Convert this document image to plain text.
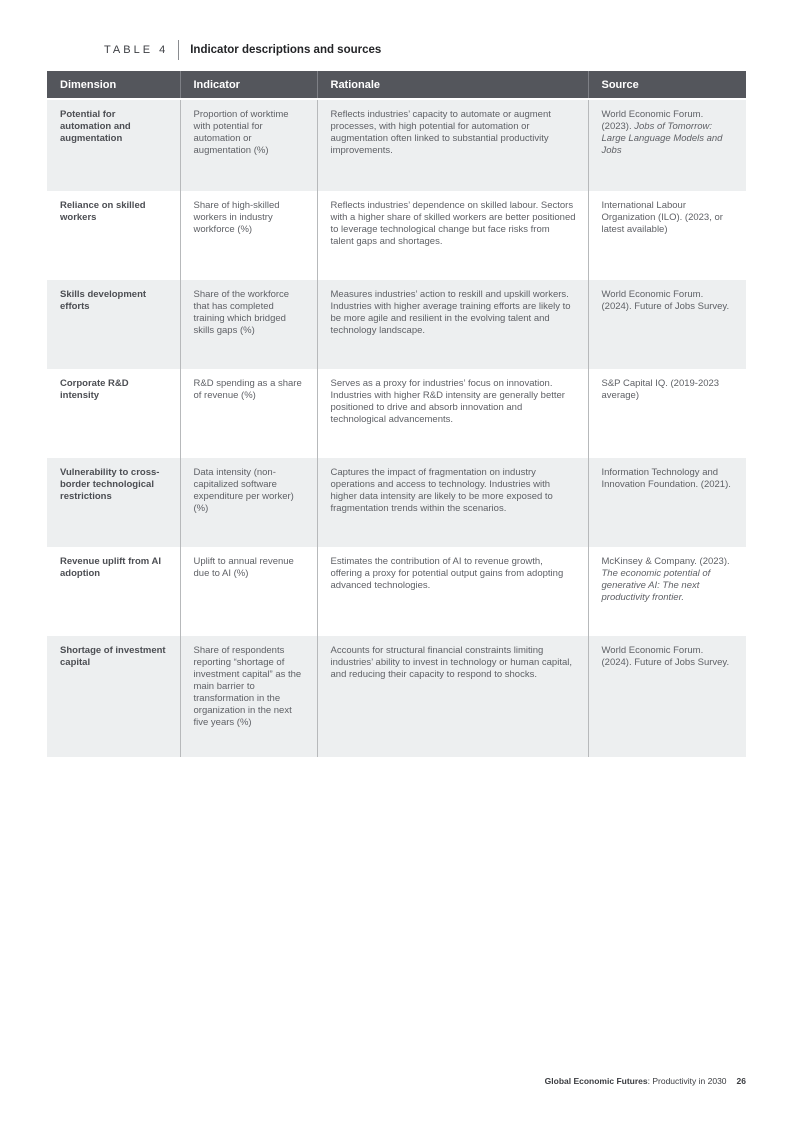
TABLE 4 Indicator descriptions and sources
Dimension	Indicator	Rationale	Source
Potential for automation and augmentation	Proportion of worktime with potential for automation or augmentation (%)	Reflects industries’ capacity to automate or augment processes, with high potential for automation or augmentation often linked to substantial productivity improvements.	World Economic Forum. (2023). Jobs of Tomorrow: Large Language Models and Jobs
Reliance on skilled workers	Share of high-skilled workers in industry workforce (%)	Reflects industries’ dependence on skilled labour. Sectors with a higher share of skilled workers are better positioned to leverage technological change but face risks from talent gaps and shortages.	International Labour Organization (ILO). (2023, or latest available)
Skills development efforts	Share of the workforce that has completed training which bridged skills gaps (%)	Measures industries’ action to reskill and upskill workers. Industries with higher average training efforts are likely to be more agile and resilient in the evolving talent and technology landscape.	World Economic Forum. (2024). Future of Jobs Survey.
Corporate R&D intensity	R&D spending as a share of revenue (%)	Serves as a proxy for industries’ focus on innovation. Industries with higher R&D intensity are generally better positioned to drive and absorb innovation and technological advancements.	S&P Capital IQ. (2019-2023 average)
Vulnerability to cross-border technological restrictions	Data intensity (non-capitalized software expenditure per worker) (%)	Captures the impact of fragmentation on industry operations and access to technology. Industries with higher data intensity are likely to be more exposed to fragmentation trends within the scenarios.	Information Technology and Innovation Foundation. (2021).
Revenue uplift from AI adoption	Uplift to annual revenue due to AI (%)	Estimates the contribution of AI to revenue growth, offering a proxy for potential output gains from adopting advanced technologies.	McKinsey & Company. (2023). The economic potential of generative AI: The next productivity frontier.
Shortage of investment capital	Share of respondents reporting “shortage of investment capital” as the main barrier to transformation in the organization in the next five years (%)	Accounts for structural financial constraints limiting industries’ ability to invest in technology or human capital, and reducing their capacity to respond to shocks.	World Economic Forum. (2024). Future of Jobs Survey.
Global Economic Futures: Productivity in 2030 26
